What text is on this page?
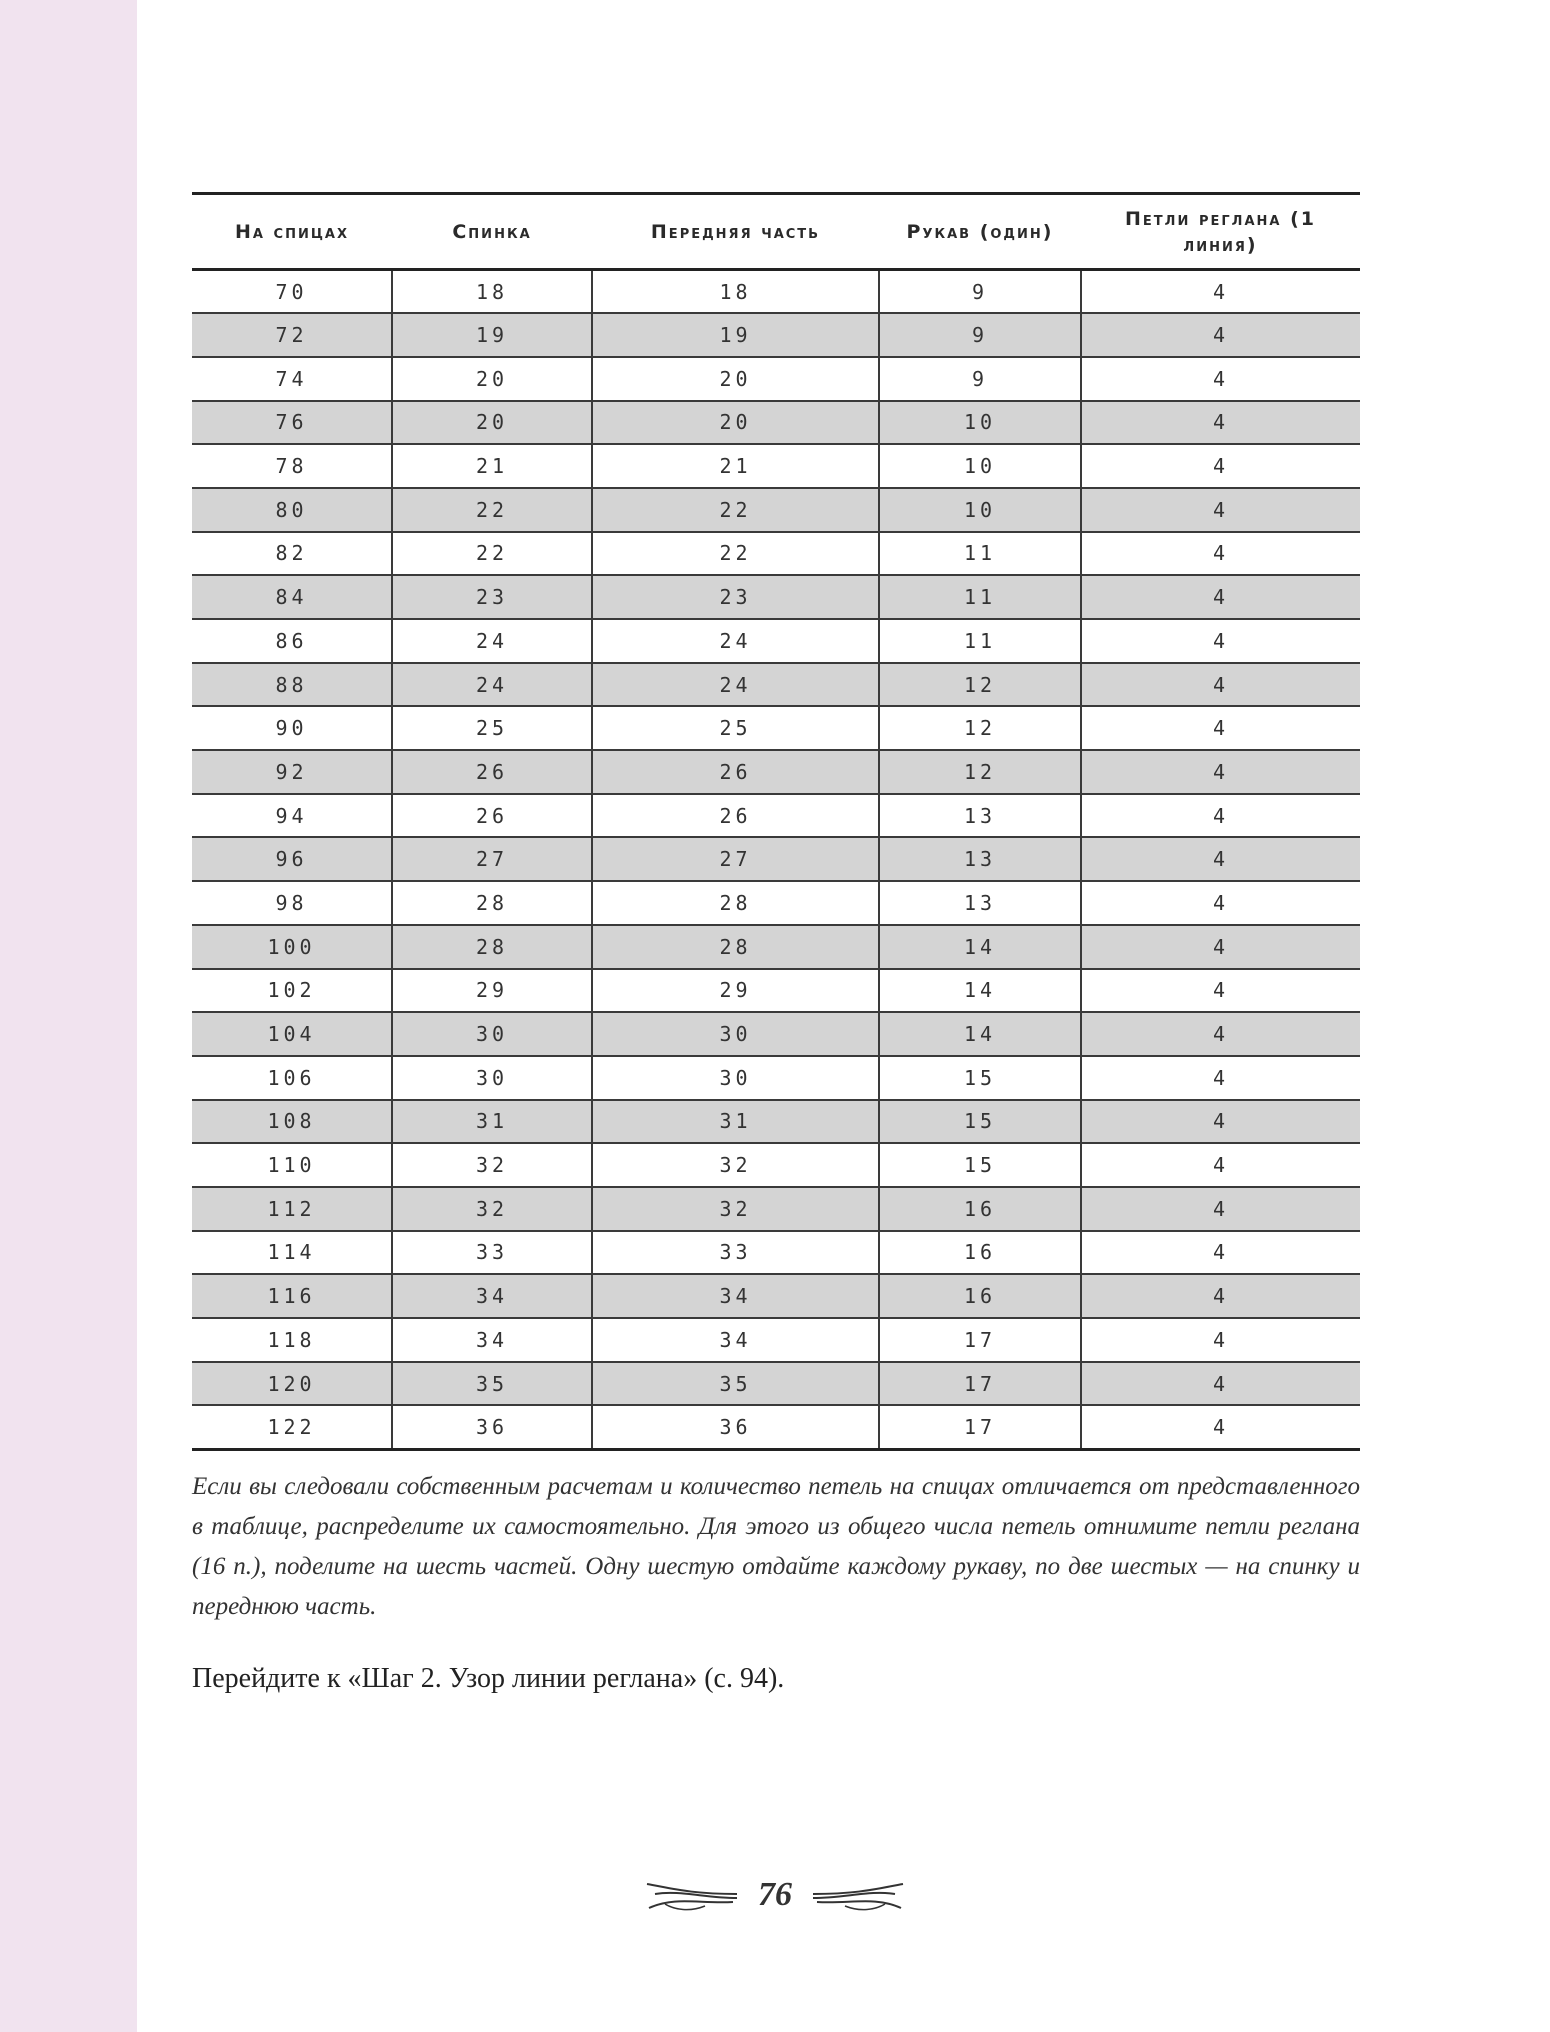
На спицах	Спинка	Передняя часть	Рукав (один)	Петли реглана (1 линия)
70	18	18	9	4
72	19	19	9	4
74	20	20	9	4
76	20	20	10	4
78	21	21	10	4
80	22	22	10	4
82	22	22	11	4
84	23	23	11	4
86	24	24	11	4
88	24	24	12	4
90	25	25	12	4
92	26	26	12	4
94	26	26	13	4
96	27	27	13	4
98	28	28	13	4
100	28	28	14	4
102	29	29	14	4
104	30	30	14	4
106	30	30	15	4
108	31	31	15	4
110	32	32	15	4
112	32	32	16	4
114	33	33	16	4
116	34	34	16	4
118	34	34	17	4
120	35	35	17	4
122	36	36	17	4

Если вы следовали собственным расчетам и количество петель на спицах отличается от представленного в таблице, распределите их самостоятельно. Для этого из общего числа петель отнимите петли реглана (16 п.), поделите на шесть частей. Одну шестую отдайте каждому рукаву, по две шестых — на спинку и переднюю часть.

Перейдите к «Шаг 2. Узор линии реглана» (с. 94).

76
